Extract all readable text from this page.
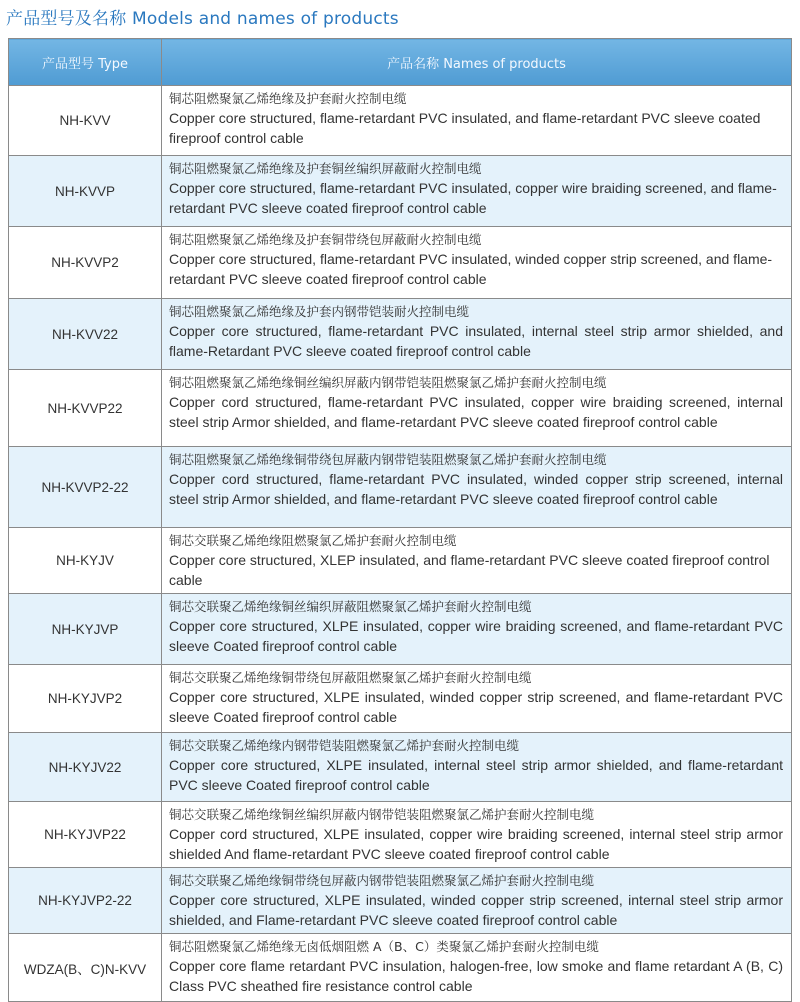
产品型号及名称 Models and names of products
产品型号 Type	产品名称 Names of products
NH-KVV	铜芯阻燃聚氯乙烯绝缘及护套耐火控制电缆
Copper core structured, flame-retardant PVC insulated, and flame-retardant PVC sleeve coated fireproof control cable

NH-KVVP	铜芯阻燃聚氯乙烯绝缘及护套铜丝编织屏蔽耐火控制电缆
Copper core structured, flame-retardant PVC insulated, copper wire braiding screened, and flame-retardant PVC sleeve coated fireproof control cable

NH-KVVP2	铜芯阻燃聚氯乙烯绝缘及护套铜带绕包屏蔽耐火控制电缆
Copper core structured, flame-retardant PVC insulated, winded copper strip screened, and flame-retardant PVC sleeve coated fireproof control cable

NH-KVV22	铜芯阻燃聚氯乙烯绝缘及护套内钢带铠装耐火控制电缆
Copper core structured, flame-retardant PVC insulated, internal steel strip armor shielded, and flame-Retardant PVC sleeve coated fireproof control cable

NH-KVVP22	铜芯阻燃聚氯乙烯绝缘铜丝编织屏蔽内钢带铠装阻燃聚氯乙烯护套耐火控制电缆
Copper cord structured, flame-retardant PVC insulated, copper wire braiding screened, internal steel strip Armor shielded, and flame-retardant PVC sleeve coated fireproof control cable

NH-KVVP2-22	铜芯阻燃聚氯乙烯绝缘铜带绕包屏蔽内钢带铠装阻燃聚氯乙烯护套耐火控制电缆
Copper cord structured, flame-retardant PVC insulated, winded copper strip screened, internal steel strip Armor shielded, and flame-retardant PVC sleeve coated fireproof control cable

NH-KYJV	铜芯交联聚乙烯绝缘阻燃聚氯乙烯护套耐火控制电缆
Copper core structured, XLEP insulated, and flame-retardant PVC sleeve coated fireproof control cable

NH-KYJVP	铜芯交联聚乙烯绝缘铜丝编织屏蔽阻燃聚氯乙烯护套耐火控制电缆
Copper core structured, XLPE insulated, copper wire braiding screened, and flame-retardant PVC sleeve Coated fireproof control cable

NH-KYJVP2	铜芯交联聚乙烯绝缘铜带绕包屏蔽阻燃聚氯乙烯护套耐火控制电缆
Copper core structured, XLPE insulated, winded copper strip screened, and flame-retardant PVC sleeve Coated fireproof control cable

NH-KYJV22	铜芯交联聚乙烯绝缘内钢带铠装阻燃聚氯乙烯护套耐火控制电缆
Copper core structured, XLPE insulated, internal steel strip armor shielded, and flame-retardant PVC sleeve Coated fireproof control cable

NH-KYJVP22	铜芯交联聚乙烯绝缘铜丝编织屏蔽内钢带铠装阻燃聚氯乙烯护套耐火控制电缆
Copper cord structured, XLPE insulated, copper wire braiding screened, internal steel strip armor shielded And flame-retardant PVC sleeve coated fireproof control cable

NH-KYJVP2-22	铜芯交联聚乙烯绝缘铜带绕包屏蔽内钢带铠装阻燃聚氯乙烯护套耐火控制电缆
Copper core structured, XLPE insulated, winded copper strip screened, internal steel strip armor shielded, and Flame-retardant PVC sleeve coated fireproof control cable

WDZA(B、C)N-KVV	铜芯阻燃聚氯乙烯绝缘无卤低烟阻燃 A（B、C）类聚氯乙烯护套耐火控制电缆
Copper core flame retardant PVC insulation, halogen-free, low smoke and flame retardant A (B, C) Class PVC sheathed fire resistance control cable
